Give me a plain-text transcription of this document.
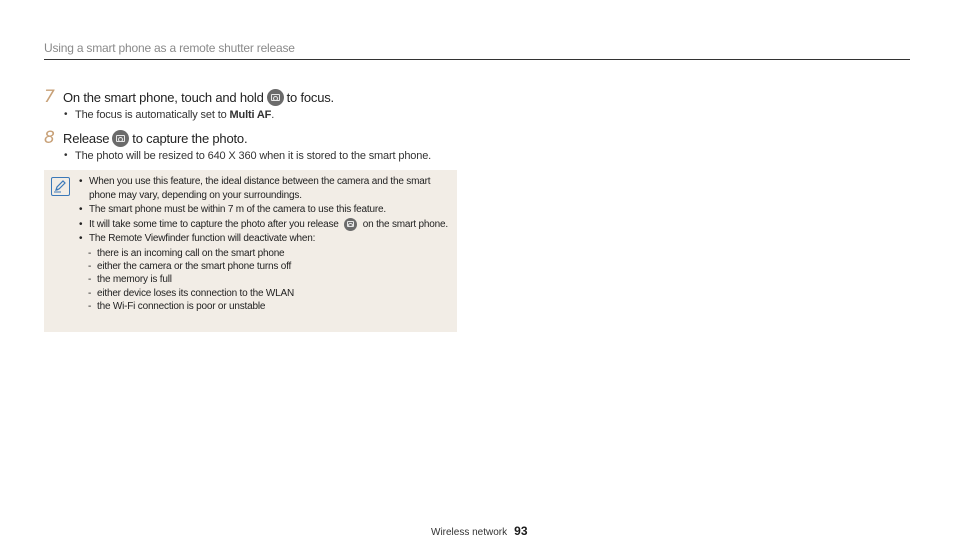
Using a smart phone as a remote shutter release
7 On the smart phone, touch and hold to focus.
• The focus is automatically set to Multi AF.
8 Release to capture the photo.
• The photo will be resized to 640 X 360 when it is stored to the smart phone.
• When you use this feature, the ideal distance between the camera and the smart phone may vary, depending on your surroundings.
• The smart phone must be within 7 m of the camera to use this feature.
• It will take some time to capture the photo after you release on the smart phone.
• The Remote Viewfinder function will deactivate when:
- there is an incoming call on the smart phone
- either the camera or the smart phone turns off
- the memory is full
- either device loses its connection to the WLAN
- the Wi-Fi connection is poor or unstable
Wireless network 93
